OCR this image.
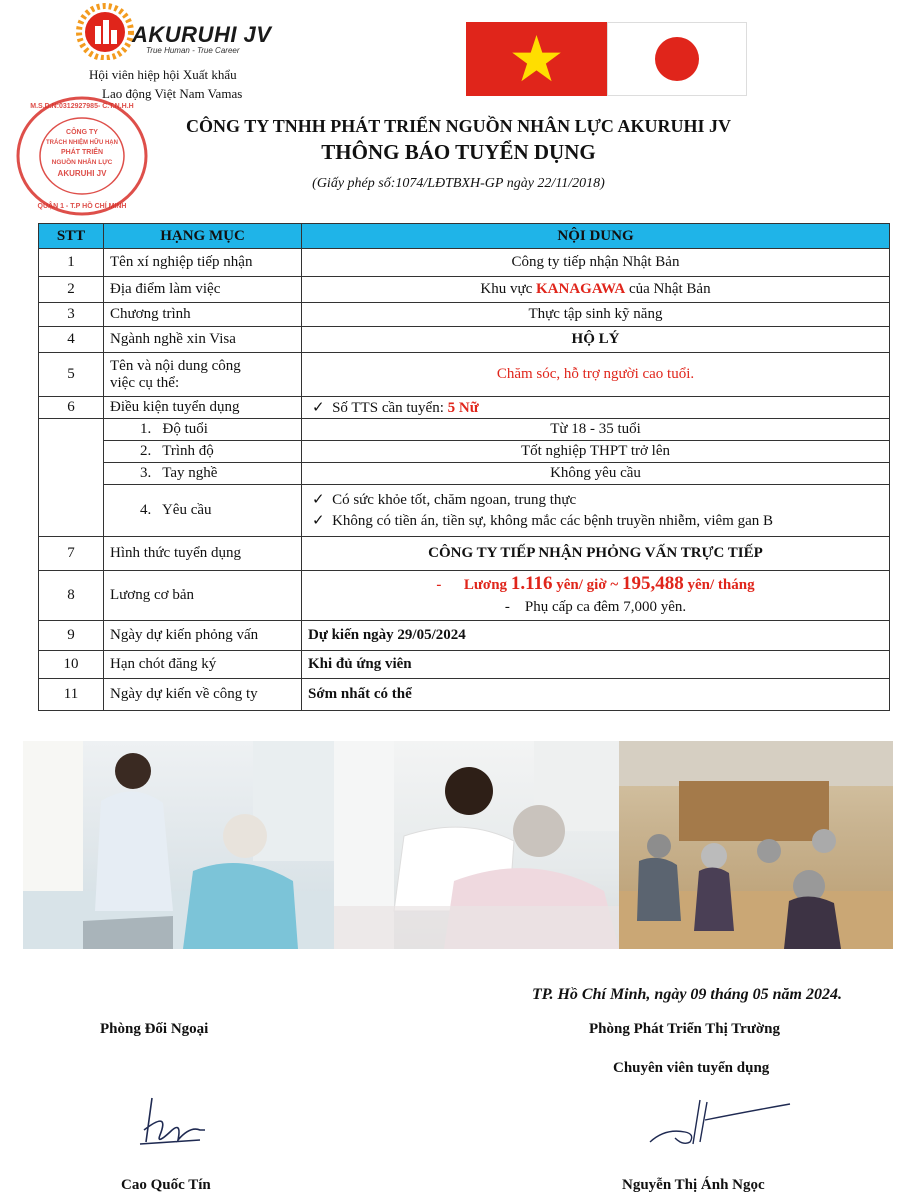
AKURUHI JV
True Human - True Career
Hội viên hiệp hội Xuất khẩu
Lao động Việt Nam Vamas
CÔNG TY
TRÁCH NHIỆM HỮU HẠN
PHÁT TRIỂN
NGUỒN NHÂN LỰC
AKURUHI JV
M.S.D.N:0312927985- C.T.N.H.H
QUẬN 1 - T.P HỒ CHÍ MINH
CÔNG TY TNHH PHÁT TRIỂN NGUỒN NHÂN LỰC AKURUHI JV
THÔNG BÁO TUYỂN DỤNG
(Giấy phép số:1074/LĐTBXH-GP ngày 22/11/2018)
STT	HẠNG MỤC	NỘI DUNG
1	Tên xí nghiệp tiếp nhận	Công ty tiếp nhận Nhật Bản
2	Địa điểm làm việc	Khu vực KANAGAWA của Nhật Bản
3	Chương trình	Thực tập sinh kỹ năng
4	Ngành nghề xin Visa	HỘ LÝ
5	Tên và nội dung công
việc cụ thể:	Chăm sóc, hỗ trợ người cao tuổi.
6	Điều kiện tuyển dụng	✓ Số TTS cần tuyển: 5 Nữ
	1. Độ tuổi	Từ 18 - 35 tuổi
	2. Trình độ	Tốt nghiệp THPT trở lên
	3. Tay nghề	Không yêu cầu
	4. Yêu cầu	✓ Có sức khỏe tốt, chăm ngoan, trung thực
✓ Không có tiền án, tiền sự, không mắc các bệnh truyền nhiễm, viêm gan B
7	Hình thức tuyển dụng	CÔNG TY TIẾP NHẬN PHỎNG VẤN TRỰC TIẾP
8	Lương cơ bản	- Lương 1.116 yên/ giờ ~ 195,488 yên/ tháng
- Phụ cấp ca đêm 7,000 yên.
9	Ngày dự kiến phỏng vấn	Dự kiến ngày 29/05/2024
10	Hạn chót đăng ký	Khi đủ ứng viên
11	Ngày dự kiến về công ty	Sớm nhất có thể
TP. Hồ Chí Minh, ngày 09 tháng 05 năm 2024.
Phòng Đối Ngoại	Phòng Phát Triển Thị Trường
Chuyên viên tuyển dụng
Cao Quốc Tín	Nguyễn Thị Ánh Ngọc
